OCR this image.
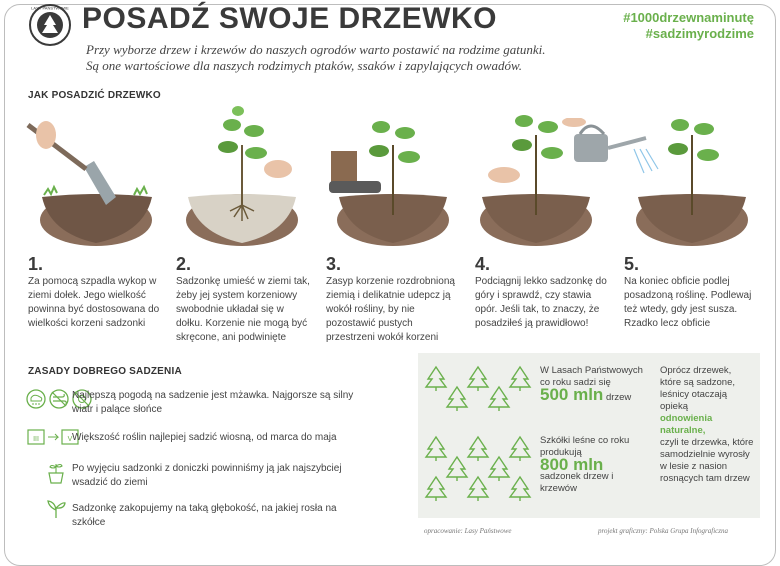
LASY PAŃSTWOWE POSADŹ SWOJE DRZEWKO	#1000drzewnaminutę
#sadzimyrodzime
Przy wyborze drzew i krzewów do naszych ogrodów warto postawić na rodzime gatunki.
Są one wartościowe dla naszych rodzimych ptaków, ssaków i zapylających owadów.
JAK POSADZIĆ DRZEWKO
1.
Za pomocą szpadla wykop w ziemi dołek. Jego wielkość powinna być dostosowana do wielkości korzeni sadzonki
2.
Sadzonkę umieść w ziemi tak, żeby jej system korzeniowy swobodnie układał się w dołku. Korzenie nie mogą być skręcone, ani podwinięte
3.
Zasyp korzenie rozdrobnioną ziemią i delikatnie udepcz ją wokół rośliny, by nie pozostawić pustych przestrzeni wokół korzeni
4.
Podciągnij lekko sadzonkę do góry i sprawdź, czy stawia opór. Jeśli tak, to znaczy, że posadziłeś ją prawidłowo!
5.
Na koniec obficie podlej posadzoną roślinę. Podlewaj też wtedy, gdy jest susza. Rzadko lecz obficie
ZASADY DOBREGO SADZENIA
Najlepszą pogodą na sadzenie jest mżawka. Najgorsze są silny wiatr i palące słońce
III	V Większość roślin najlepiej sadzić wiosną, od marca do maja
Po wyjęciu sadzonki z doniczki powinniśmy ją jak najszybciej wsadzić do ziemi
Sadzonkę zakopujemy na taką głębokość, na jakiej rosła na szkółce
W Lasach Państwowych co roku sadzi się
500 mln drzew
Szkółki leśne co roku produkują
800 mln
sadzonek drzew i krzewów
Oprócz drzewek, które są sadzone, leśnicy otaczają opieką
odnowienia naturalne,
czyli te drzewka, które samodzielnie wyrosły w lesie z nasion rosnących tam drzew
opracowanie: Lasy Państwowe	projekt graficzny: Polska Grupa Infograficzna
